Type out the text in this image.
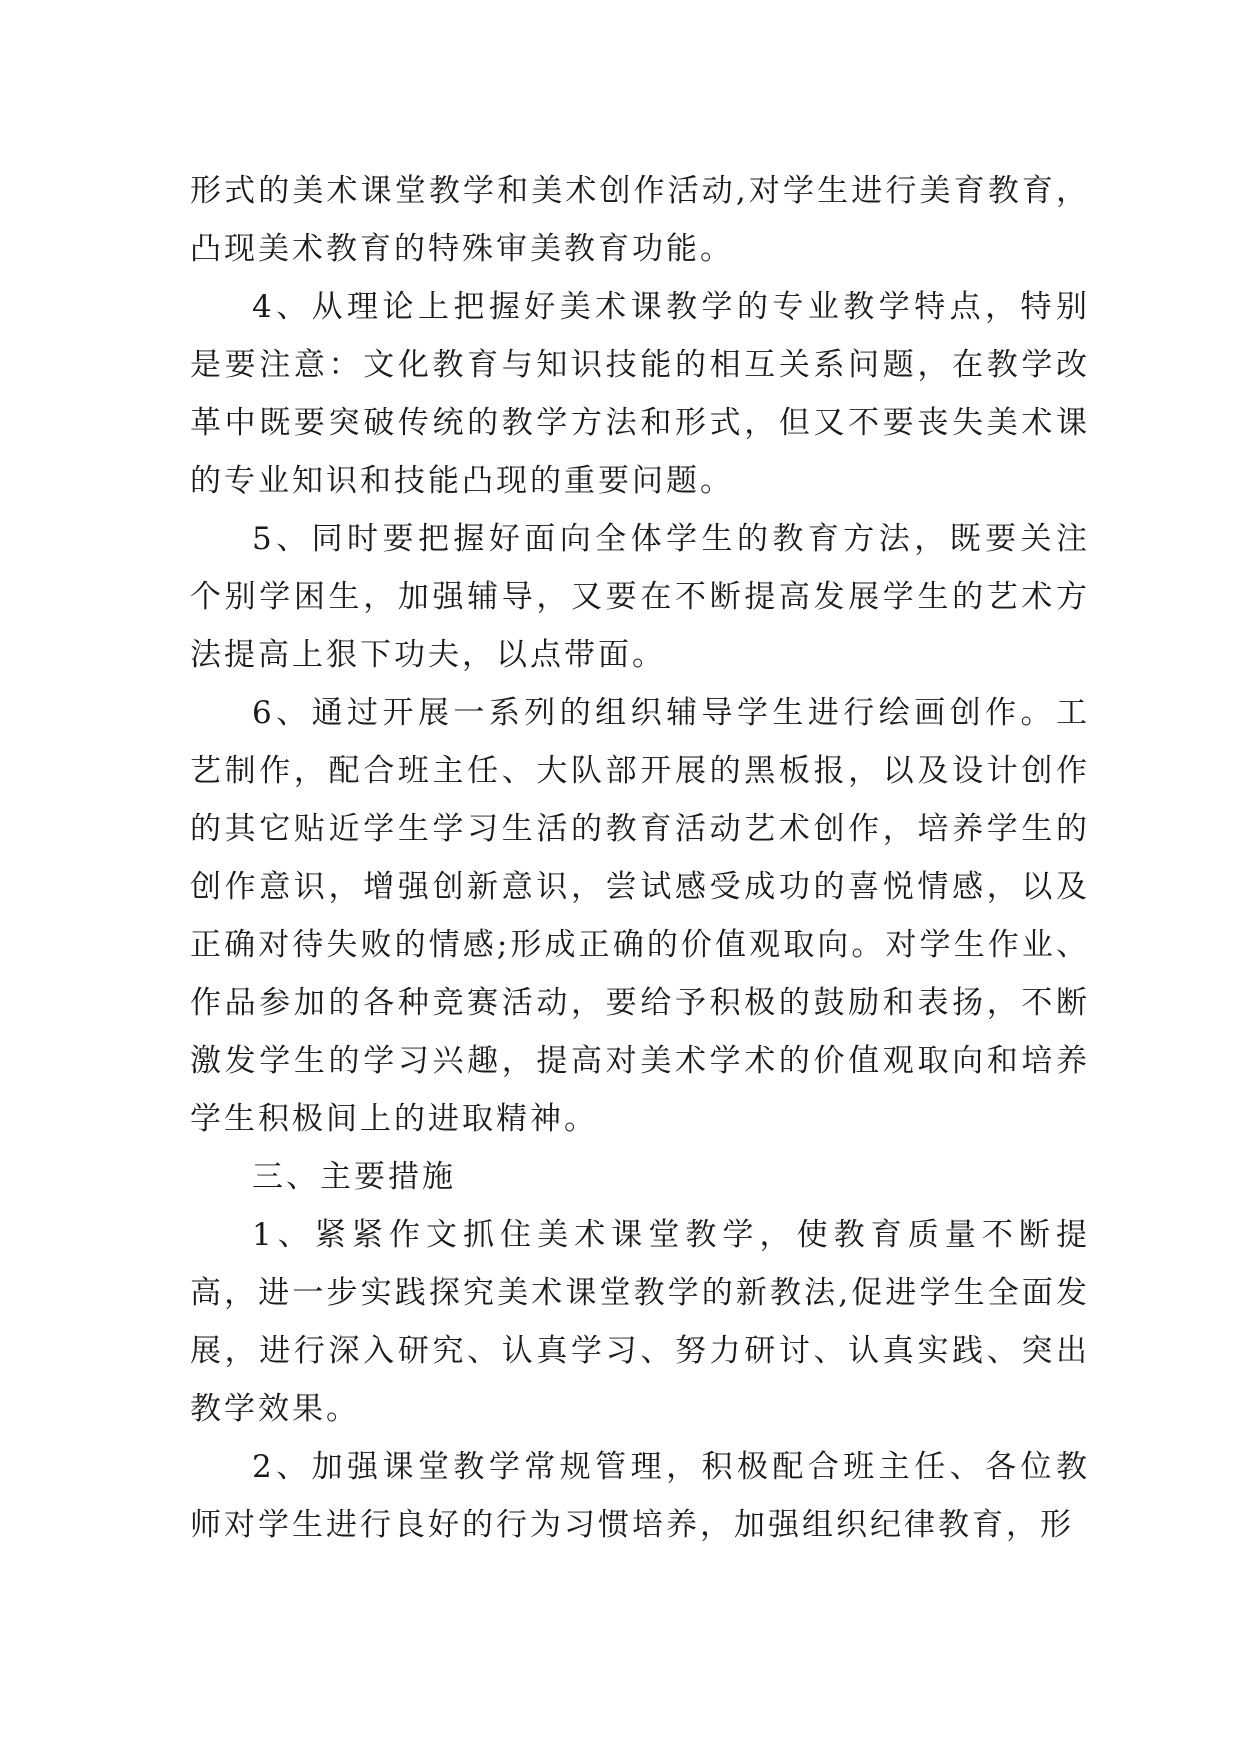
形式的美术课堂教学和美术创作活动,对学生进行美育教育，凸现美术教育的特殊审美教育功能。

4、从理论上把握好美术课教学的专业教学特点，特别是要注意：文化教育与知识技能的相互关系问题，在教学改革中既要突破传统的教学方法和形式，但又不要丧失美术课的专业知识和技能凸现的重要问题。

5、同时要把握好面向全体学生的教育方法，既要关注个别学困生，加强辅导，又要在不断提高发展学生的艺术方法提高上狠下功夫，以点带面。

6、通过开展一系列的组织辅导学生进行绘画创作。工艺制作，配合班主任、大队部开展的黑板报，以及设计创作的其它贴近学生学习生活的教育活动艺术创作，培养学生的创作意识，增强创新意识，尝试感受成功的喜悦情感，以及正确对待失败的情感;形成正确的价值观取向。对学生作业、作品参加的各种竞赛活动，要给予积极的鼓励和表扬，不断激发学生的学习兴趣，提高对美术学术的价值观取向和培养学生积极间上的进取精神。

三、主要措施

1、紧紧作文抓住美术课堂教学，使教育质量不断提高，进一步实践探究美术课堂教学的新教法,促进学生全面发展，进行深入研究、认真学习、努力研讨、认真实践、突出教学效果。

2、加强课堂教学常规管理，积极配合班主任、各位教师对学生进行良好的行为习惯培养，加强组织纪律教育，形
